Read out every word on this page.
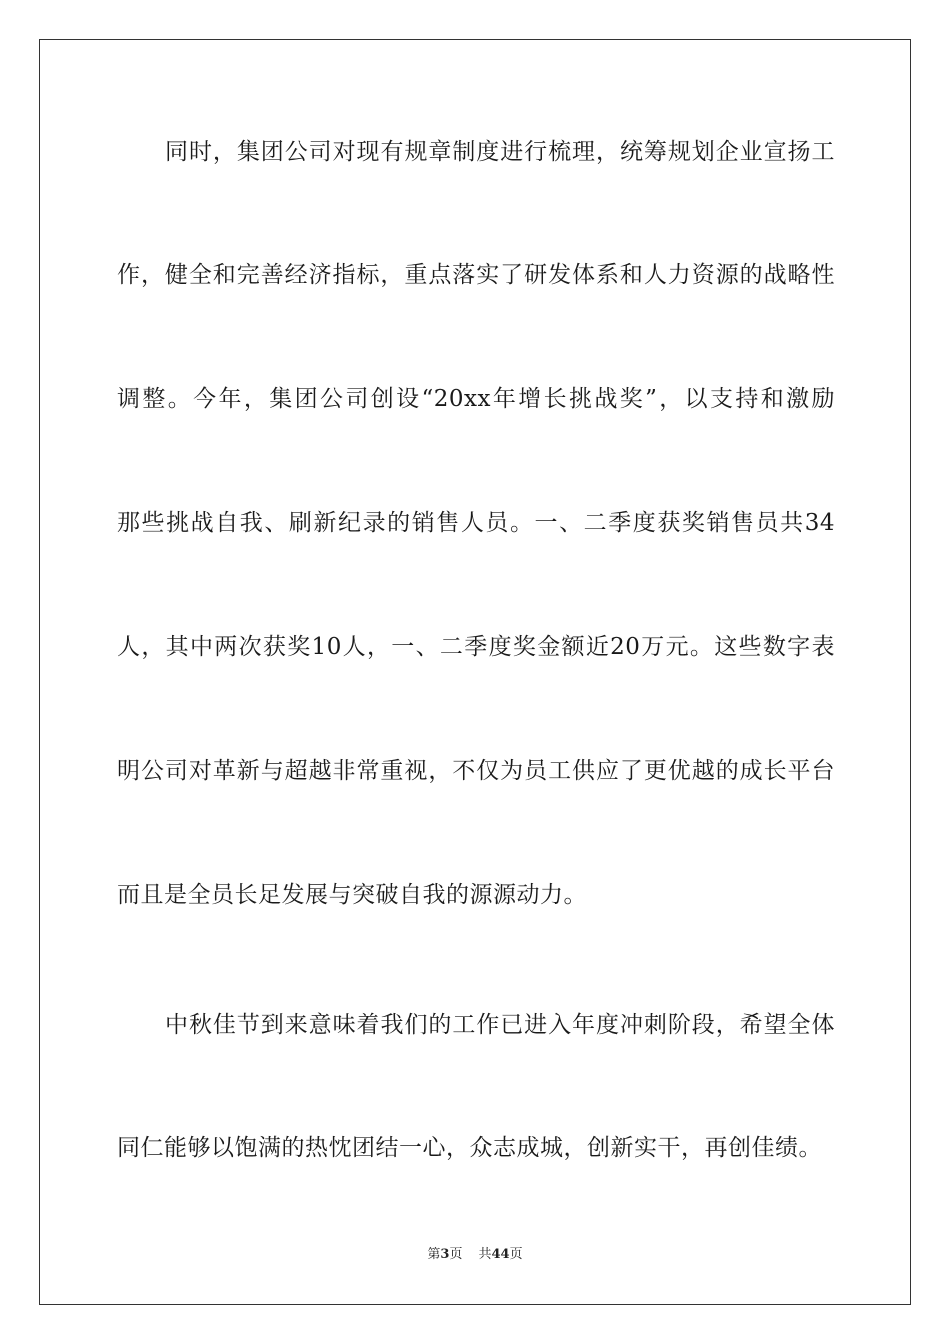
同时，集团公司对现有规章制度进行梳理，统筹规划企业宣扬工
作，健全和完善经济指标，重点落实了研发体系和人力资源的战略性
调整。今年，集团公司创设“20xx年增长挑战奖”，以支持和激励
那些挑战自我、刷新纪录的销售人员。一、二季度获奖销售员共34
人，其中两次获奖10人，一、二季度奖金额近20万元。这些数字表
明公司对革新与超越非常重视，不仅为员工供应了更优越的成长平台
而且是全员长足发展与突破自我的源源动力。
中秋佳节到来意味着我们的工作已进入年度冲刺阶段，希望全体
同仁能够以饱满的热忱团结一心，众志成城，创新实干，再创佳绩。
第3页 共44页
